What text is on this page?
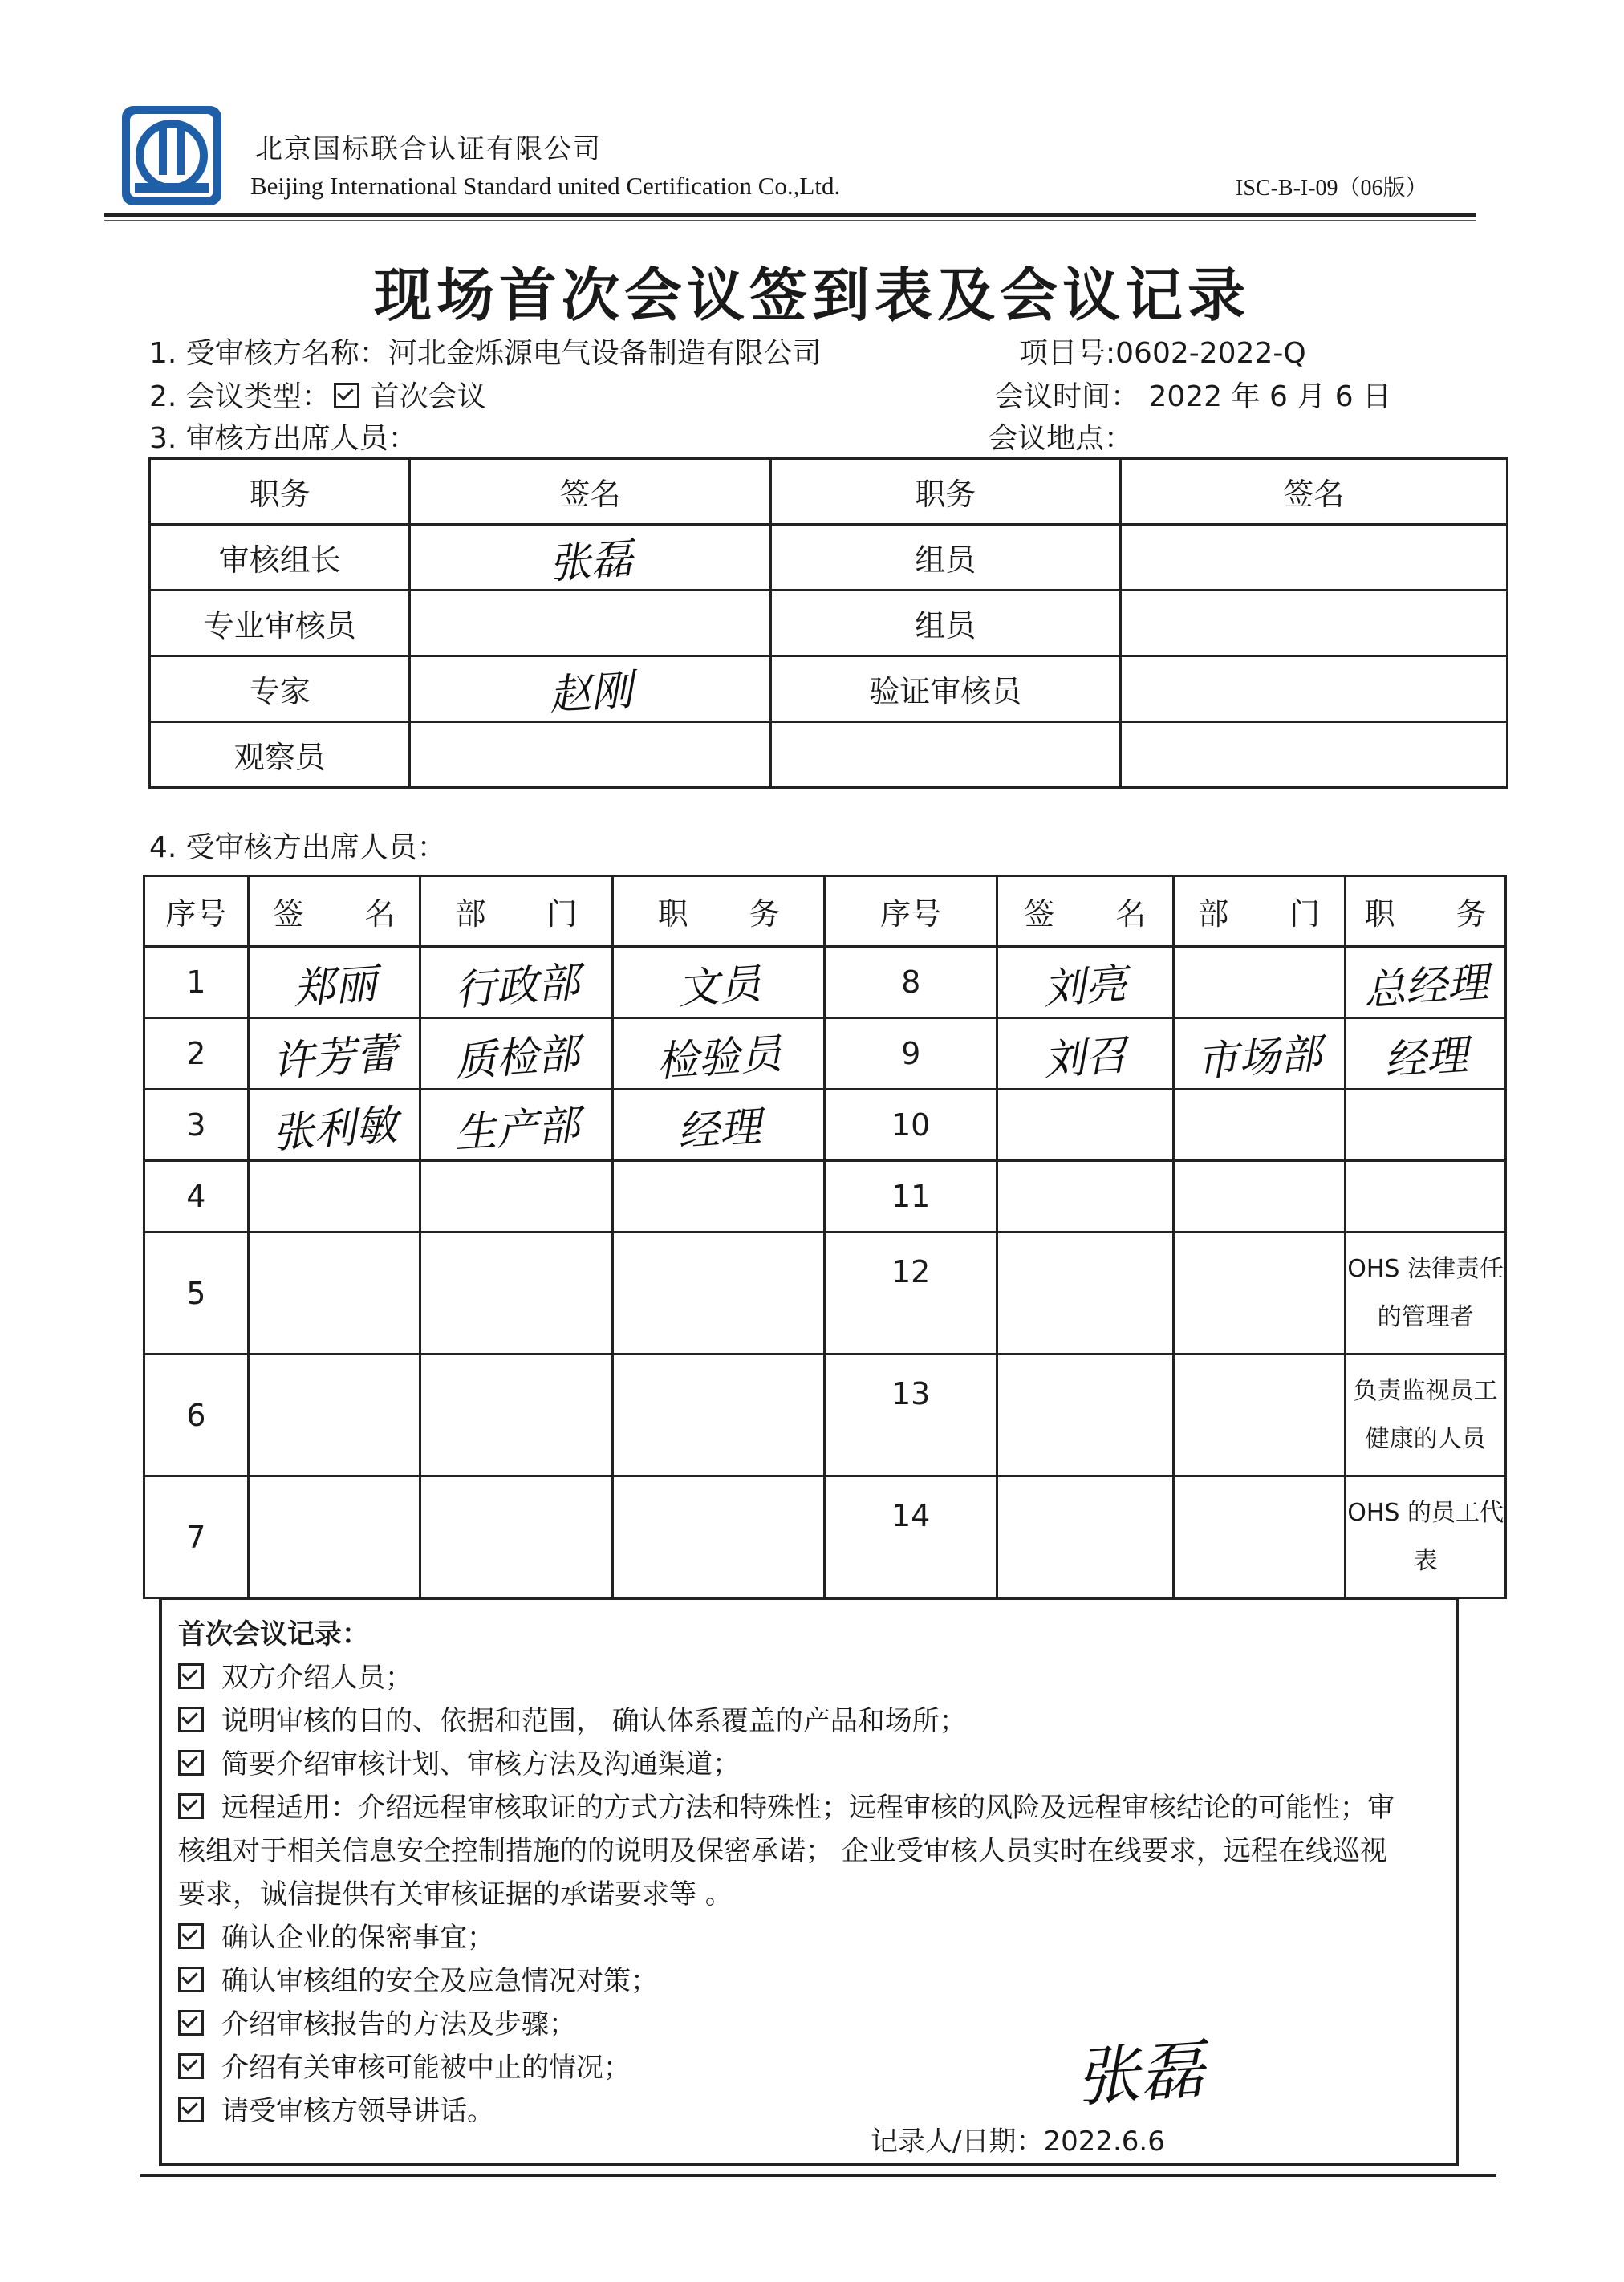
北京国标联合认证有限公司
Beijing International Standard united Certification Co.,Ltd.	ISC-B-I-09（06版）
现场首次会议签到表及会议记录
1. 受审核方名称：河北金烁源电气设备制造有限公司	项目号:0602-2022-Q
2. 会议类型： 首次会议	会议时间： 2022 年 6 月 6 日
3. 审核方出席人员：	会议地点：
职务	签名	职务	签名
审核组长	张磊	组员	
专业审核员		组员	
专家	赵刚	验证审核员	
观察员			
4. 受审核方出席人员：
序号	签　　名	部　　门	职　　务	序号	签　　名	部　　门	职　　务
1	郑丽	行政部	文员	8	刘亮		总经理
2	许芳蕾	质检部	检验员	9	刘召	市场部	经理
3	张利敏	生产部	经理	10			
4				11			
5				12			OHS 法律责任的管理者
6				13			负责监视员工健康的人员
7				14			OHS 的员工代表
首次会议记录：
双方介绍人员；
说明审核的目的、依据和范围， 确认体系覆盖的产品和场所；
简要介绍审核计划、审核方法及沟通渠道；
远程适用：介绍远程审核取证的方式方法和特殊性；远程审核的风险及远程审核结论的可能性；审
核组对于相关信息安全控制措施的的说明及保密承诺； 企业受审核人员实时在线要求，远程在线巡视
要求，诚信提供有关审核证据的承诺要求等 。
确认企业的保密事宜；
确认审核组的安全及应急情况对策；
介绍审核报告的方法及步骤；
介绍有关审核可能被中止的情况；
请受审核方领导讲话。	张磊
记录人/日期：2022.6.6
